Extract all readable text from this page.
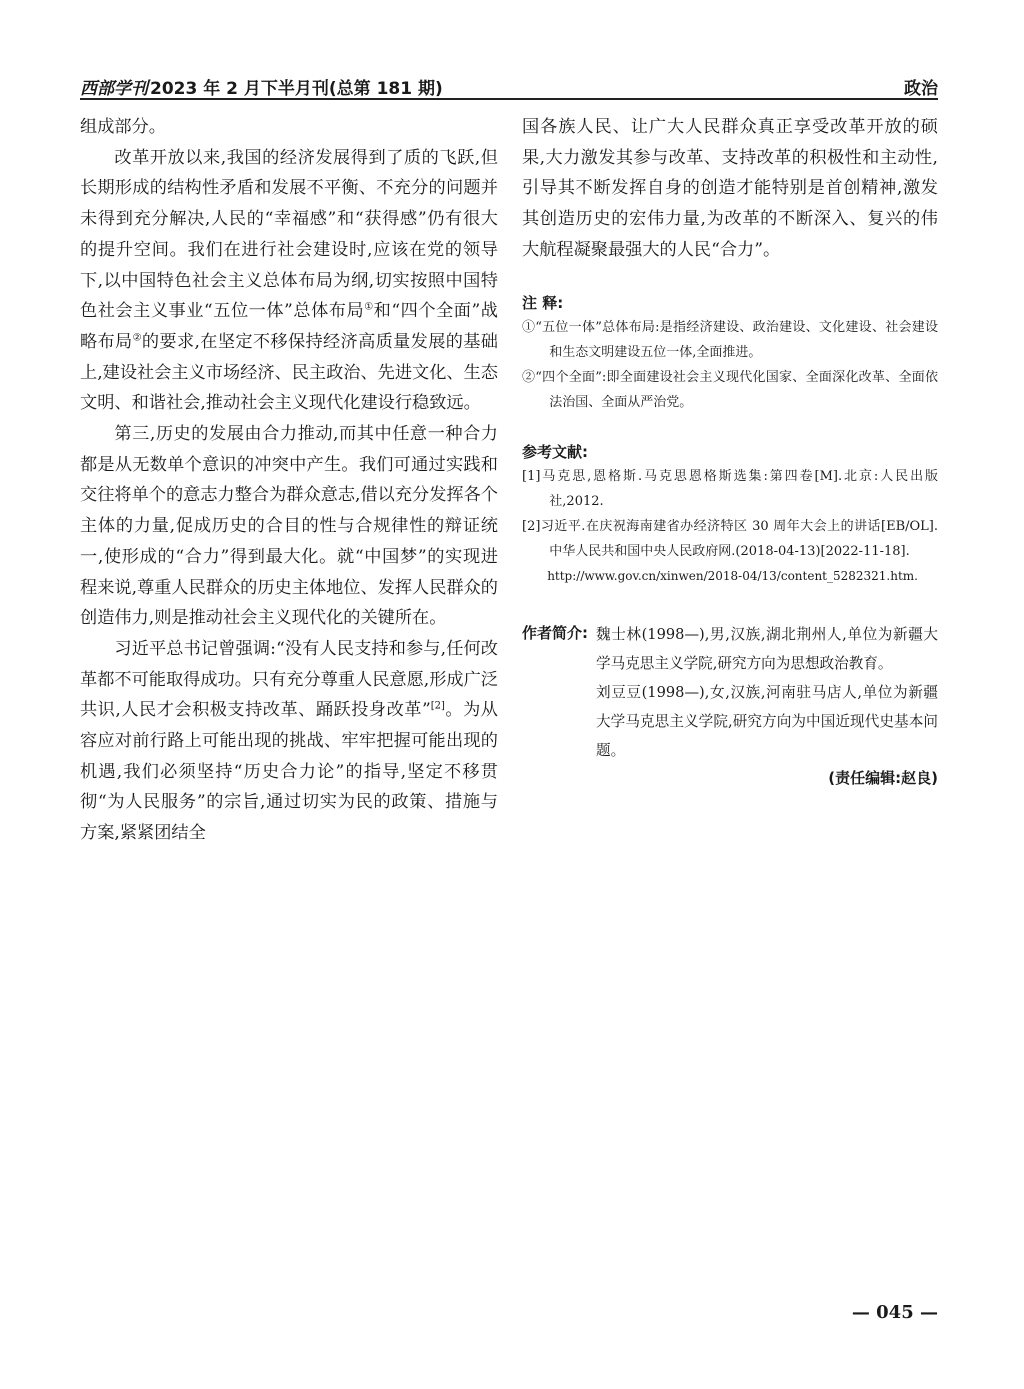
西部学刊 2023 年 2 月下半月刊(总第 181 期)	政治

组成部分。

改革开放以来,我国的经济发展得到了质的飞跃,但长期形成的结构性矛盾和发展不平衡、不充分的问题并未得到充分解决,人民的“幸福感”和“获得感”仍有很大的提升空间。我们在进行社会建设时,应该在党的领导下,以中国特色社会主义总体布局为纲,切实按照中国特色社会主义事业“五位一体”总体布局①和“四个全面”战略布局②的要求,在坚定不移保持经济高质量发展的基础上,建设社会主义市场经济、民主政治、先进文化、生态文明、和谐社会,推动社会主义现代化建设行稳致远。

第三,历史的发展由合力推动,而其中任意一种合力都是从无数单个意识的冲突中产生。我们可通过实践和交往将单个的意志力整合为群众意志,借以充分发挥各个主体的力量,促成历史的合目的性与合规律性的辩证统一,使形成的“合力”得到最大化。就“中国梦”的实现进程来说,尊重人民群众的历史主体地位、发挥人民群众的创造伟力,则是推动社会主义现代化的关键所在。

习近平总书记曾强调:“没有人民支持和参与,任何改革都不可能取得成功。只有充分尊重人民意愿,形成广泛共识,人民才会积极支持改革、踊跃投身改革”[2]。为从容应对前行路上可能出现的挑战、牢牢把握可能出现的机遇,我们必须坚持“历史合力论”的指导,坚定不移贯彻“为人民服务”的宗旨,通过切实为民的政策、措施与方案,紧紧团结全

国各族人民、让广大人民群众真正享受改革开放的硕果,大力激发其参与改革、支持改革的积极性和主动性,引导其不断发挥自身的创造才能特别是首创精神,激发其创造历史的宏伟力量,为改革的不断深入、复兴的伟大航程凝聚最强大的人民“合力”。

注 释:

①“五位一体”总体布局:是指经济建设、政治建设、文化建设、社会建设和生态文明建设五位一体,全面推进。

②“四个全面”:即全面建设社会主义现代化国家、全面深化改革、全面依法治国、全面从严治党。

参考文献:

[1]马克思,恩格斯.马克思恩格斯选集:第四卷[M].北京:人民出版社,2012.

[2]习近平.在庆祝海南建省办经济特区 30 周年大会上的讲话[EB/OL].中华人民共和国中央人民政府网.(2018-04-13)[2022-11-18].

http://www.gov.cn/xinwen/2018-04/13/content_5282321.htm.

作者简介: 魏士林(1998—),男,汉族,湖北荆州人,单位为新疆大学马克思主义学院,研究方向为思想政治教育。

刘豆豆(1998—),女,汉族,河南驻马店人,单位为新疆大学马克思主义学院,研究方向为中国近现代史基本问题。

(责任编辑:赵良)
— 045 —
